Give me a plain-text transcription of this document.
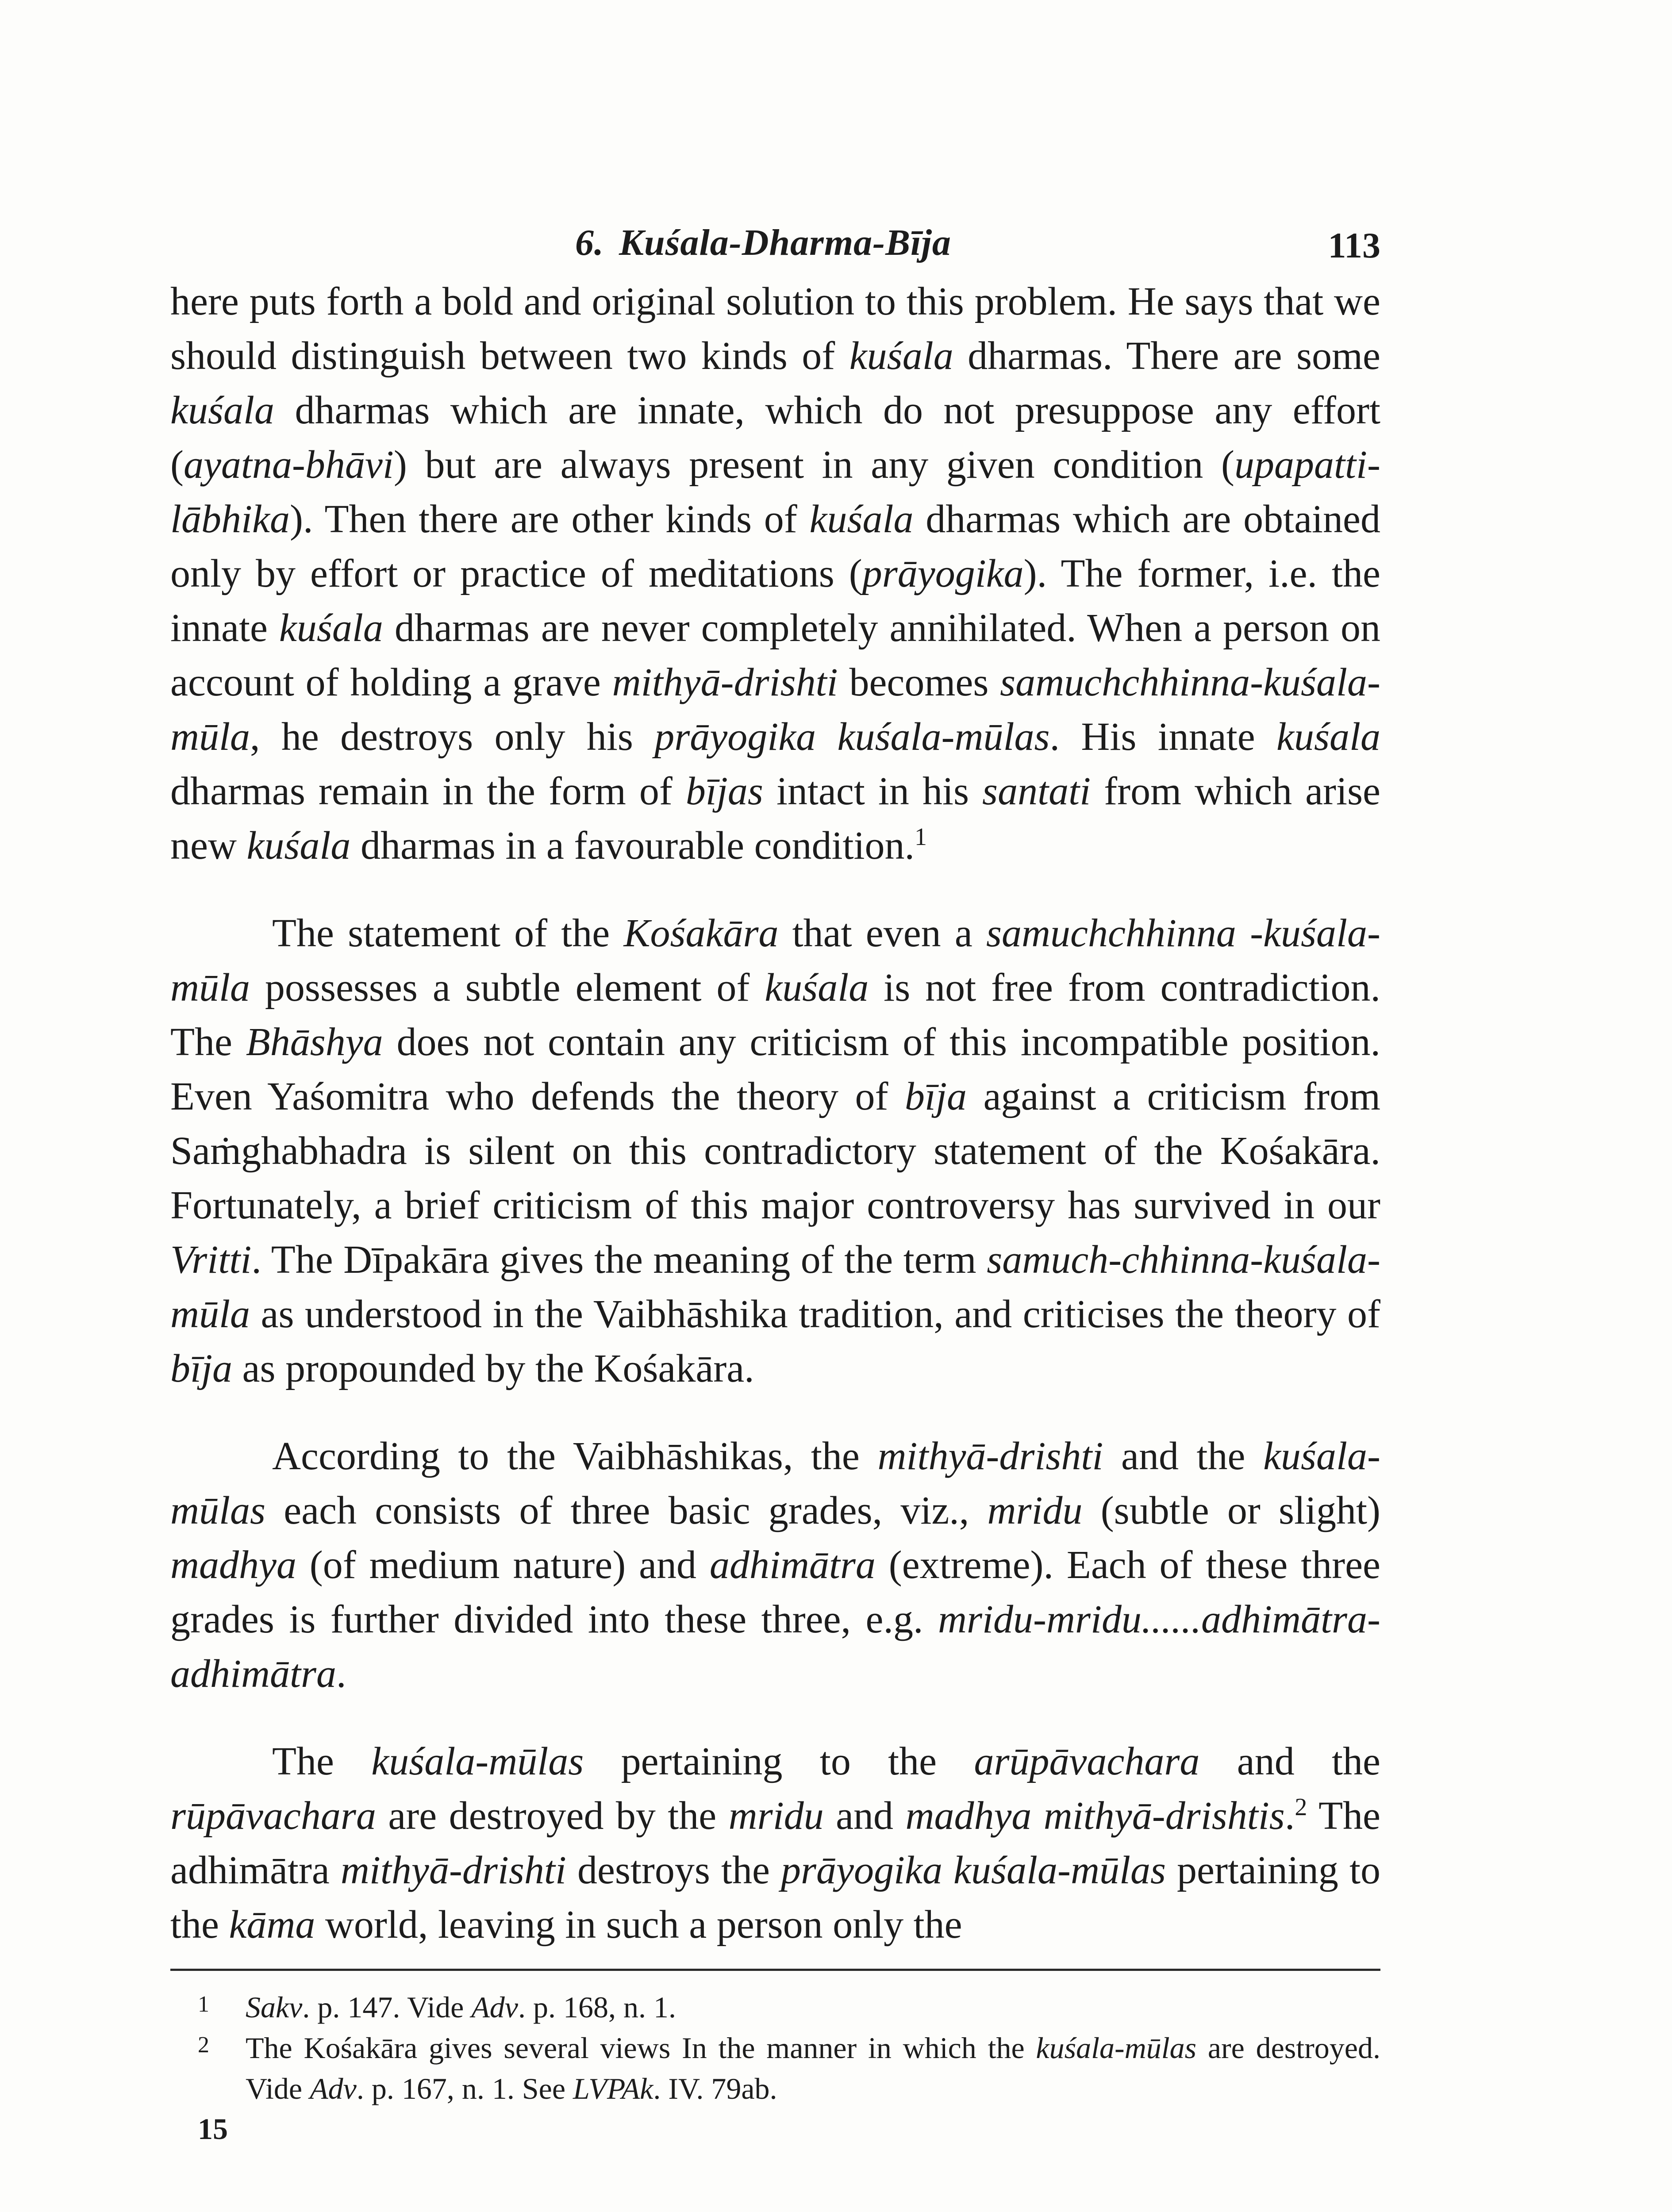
6. Kuśala-Dharma-Bīja	113

here puts forth a bold and original solution to this problem. He says that we should distinguish between two kinds of kuśala dharmas. There are some kuśala dharmas which are innate, which do not presuppose any effort (ayatna-bhāvi) but are always present in any given condition (upapatti-lābhika). Then there are other kinds of kuśala dharmas which are obtained only by effort or practice of meditations (prāyogika). The former, i.e. the innate kuśala dharmas are never completely annihilated. When a person on account of holding a grave mithyā-drishti becomes samuchchhinna-kuśala-mūla, he destroys only his prāyogika kuśala-mūlas. His innate kuśala dharmas remain in the form of bījas intact in his santati from which arise new kuśala dharmas in a favourable condition.$^1$

The statement of the Kośakāra that even a samuchchhinna -kuśala-mūla possesses a subtle element of kuśala is not free from contradiction. The Bhāshya does not contain any criticism of this incompatible position. Even Yaśomitra who defends the theory of bīja against a criticism from Saṁghabhadra is silent on this contradictory statement of the Kośakāra. Fortunately, a brief criticism of this major controversy has survived in our Vritti. The Dīpakāra gives the meaning of the term samuch-chhinna-kuśala-mūla as understood in the Vaibhāshika tradition, and criticises the theory of bīja as propounded by the Kośakāra.

According to the Vaibhāshikas, the mithyā-drishti and the kuśala-mūlas each consists of three basic grades, viz., mridu (subtle or slight) madhya (of medium nature) and adhimātra (extreme). Each of these three grades is further divided into these three, e.g. mridu-mridu......adhimātra-adhimātra.

The kuśala-mūlas pertaining to the arūpāvachara and the rūpāvachara are destroyed by the mridu and madhya mithyā-drishtis.$^2$ The adhimātra mithyā-drishti destroys the prāyogika kuśala-mūlas pertaining to the kāma world, leaving in such a person only the

1 Sakv. p. 147. Vide Adv. p. 168, n. 1.
2 The Kośakāra gives several views In the manner in which the kuśala-mūlas are destroyed. Vide Adv. p. 167, n. 1. See LVPAk. IV. 79ab.
15
